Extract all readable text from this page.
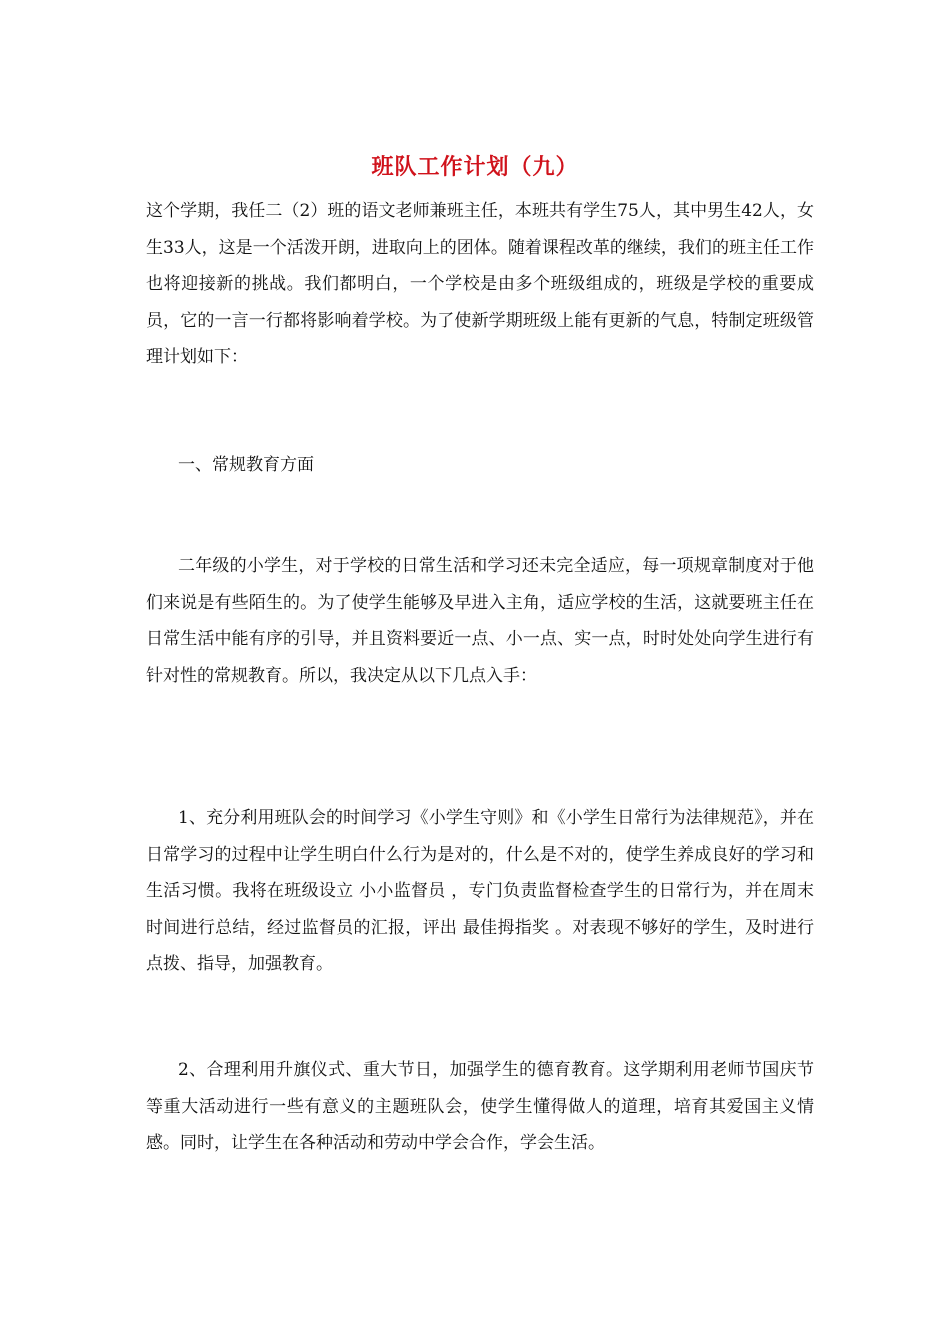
班队工作计划（九）

这个学期，我任二（2）班的语文老师兼班主任，本班共有学生75人，其中男生42人，女生33人，这是一个活泼开朗，进取向上的团体。随着课程改革的继续，我们的班主任工作也将迎接新的挑战。我们都明白，一个学校是由多个班级组成的，班级是学校的重要成员，它的一言一行都将影响着学校。为了使新学期班级上能有更新的气息，特制定班级管理计划如下：

一、常规教育方面

二年级的小学生，对于学校的日常生活和学习还未完全适应，每一项规章制度对于他们来说是有些陌生的。为了使学生能够及早进入主角，适应学校的生活，这就要班主任在日常生活中能有序的引导，并且资料要近一点、小一点、实一点，时时处处向学生进行有针对性的常规教育。所以，我决定从以下几点入手：

1、充分利用班队会的时间学习《小学生守则》和《小学生日常行为法律规范》，并在日常学习的过程中让学生明白什么行为是对的，什么是不对的，使学生养成良好的学习和生活习惯。我将在班级设立 小小监督员 ，专门负责监督检查学生的日常行为，并在周末时间进行总结，经过监督员的汇报，评出 最佳拇指奖 。对表现不够好的学生，及时进行点拨、指导，加强教育。

2、合理利用升旗仪式、重大节日，加强学生的德育教育。这学期利用老师节国庆节等重大活动进行一些有意义的主题班队会，使学生懂得做人的道理，培育其爱国主义情感。同时，让学生在各种活动和劳动中学会合作，学会生活。
